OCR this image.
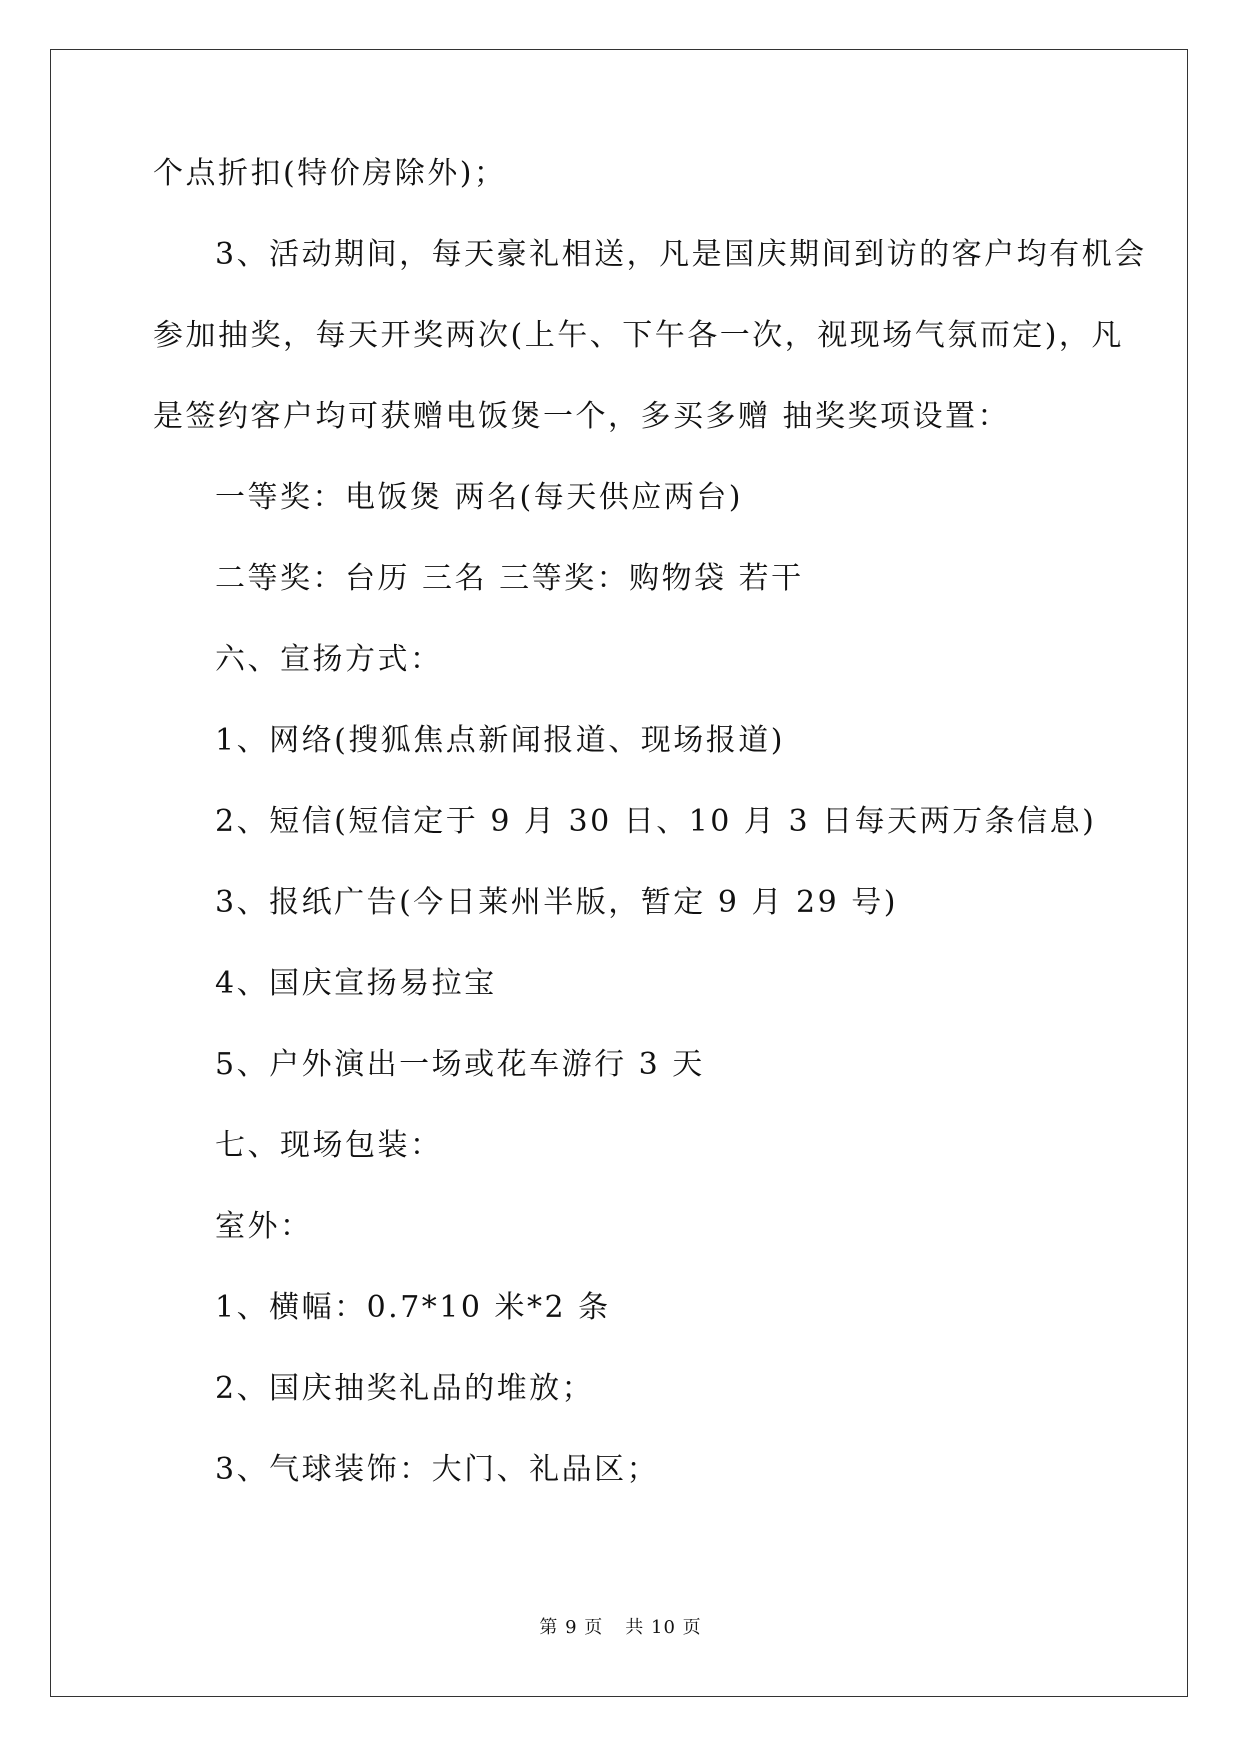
个点折扣(特价房除外)；

3、活动期间，每天豪礼相送，凡是国庆期间到访的客户均有机会

参加抽奖，每天开奖两次(上午、下午各一次，视现场气氛而定)，凡

是签约客户均可获赠电饭煲一个，多买多赠 抽奖奖项设置：

一等奖：电饭煲 两名(每天供应两台)

二等奖：台历 三名 三等奖：购物袋 若干

六、宣扬方式：

1、网络(搜狐焦点新闻报道、现场报道)

2、短信(短信定于 9 月 30 日、10 月 3 日每天两万条信息)

3、报纸广告(今日莱州半版，暂定 9 月 29 号)

4、国庆宣扬易拉宝

5、户外演出一场或花车游行 3 天

七、现场包装：

室外：

1、横幅：0.7*10 米*2 条

2、国庆抽奖礼品的堆放；

3、气球装饰：大门、礼品区；

第 9 页 共 10 页
